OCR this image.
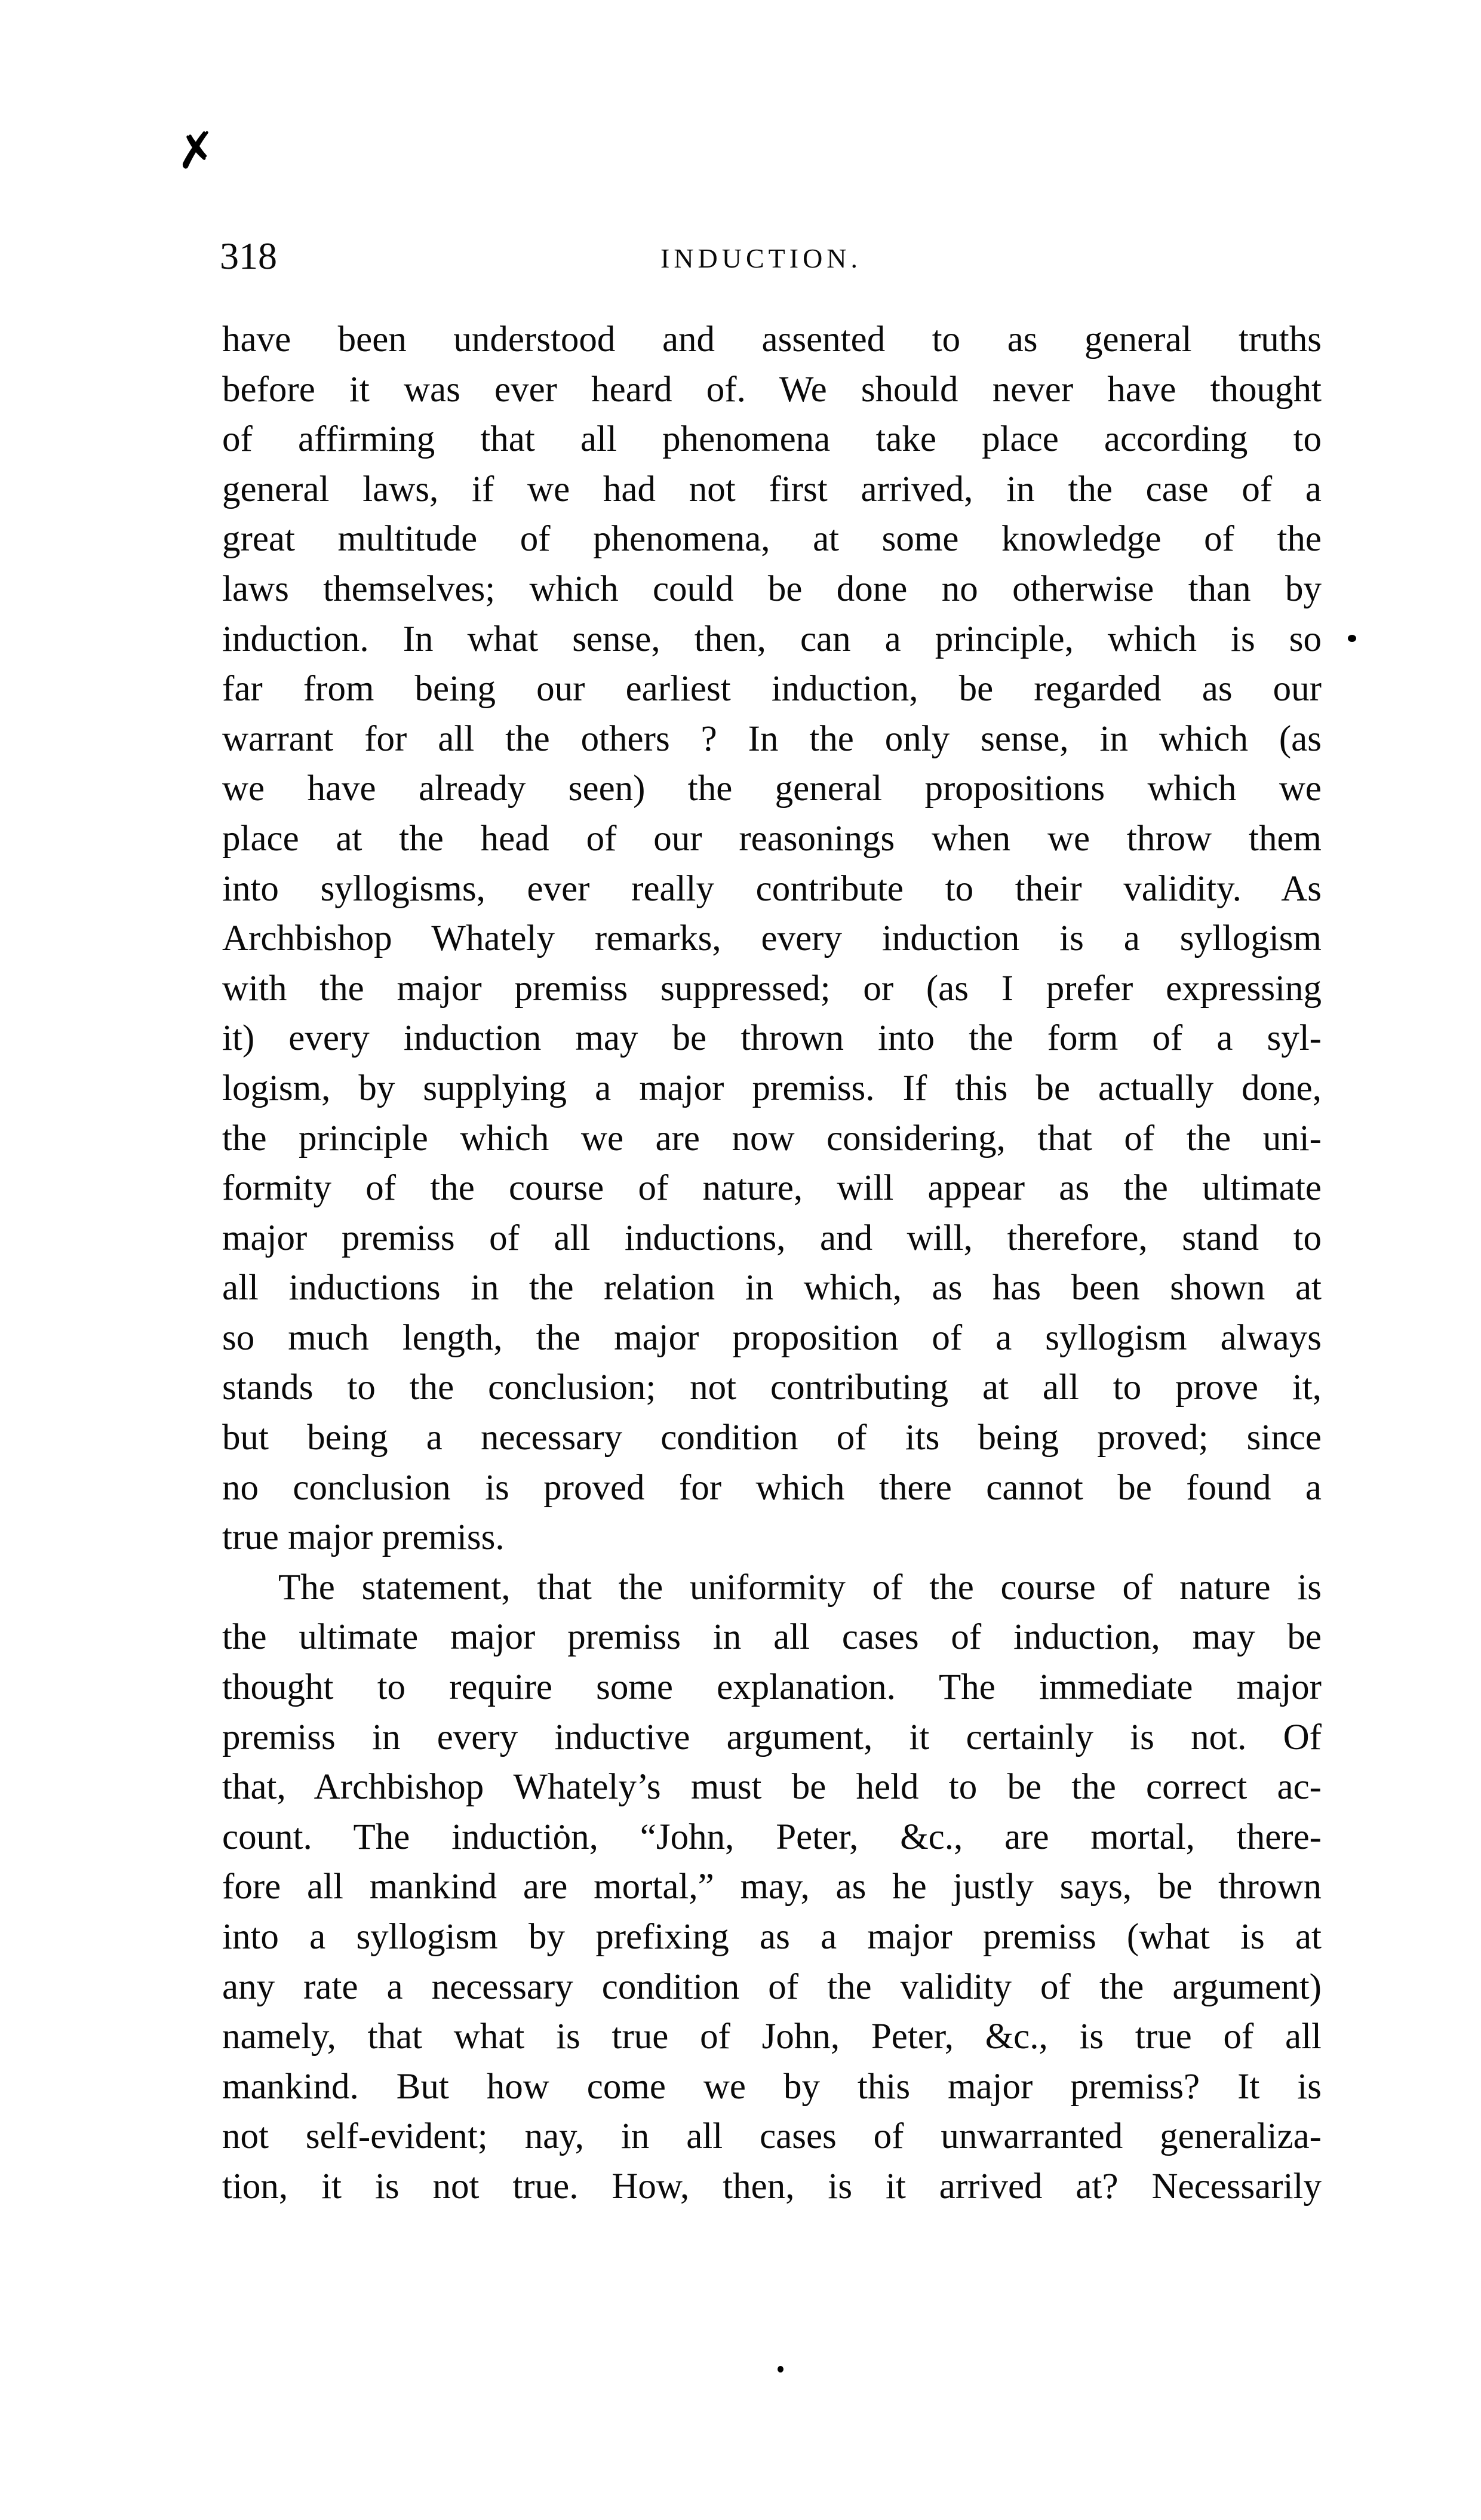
✗
318	INDUCTION.
have been understood and assented to as general truths
before it was ever heard of. We should never have thought
of affirming that all phenomena take place according to
general laws, if we had not first arrived, in the case of a
great multitude of phenomena, at some knowledge of the
laws themselves; which could be done no otherwise than by
induction. In what sense, then, can a principle, which is so
far from being our earliest induction, be regarded as our
warrant for all the others ? In the only sense, in which (as
we have already seen) the general propositions which we
place at the head of our reasonings when we throw them
into syllogisms, ever really contribute to their validity. As
Archbishop Whately remarks, every induction is a syllogism
with the major premiss suppressed; or (as I prefer expressing
it) every induction may be thrown into the form of a syl-
logism, by supplying a major premiss. If this be actually done,
the principle which we are now considering, that of the uni-
formity of the course of nature, will appear as the ultimate
major premiss of all inductions, and will, therefore, stand to
all inductions in the relation in which, as has been shown at
so much length, the major proposition of a syllogism always
stands to the conclusion; not contributing at all to prove it,
but being a necessary condition of its being proved; since
no conclusion is proved for which there cannot be found a
true major premiss.
The statement, that the uniformity of the course of nature is
the ultimate major premiss in all cases of induction, may be
thought to require some explanation. The immediate major
premiss in every inductive argument, it certainly is not. Of
that, Archbishop Whately’s must be held to be the correct ac-
count. The inductiȯn, “John, Peter, &c., are mortal, there-
fore all mankind are mortal,” may, as he justly says, be thrown
into a syllogism by prefixing as a major premiss (what is at
any rate a necessary condition of the validity of the argument)
namely, that what is true of John, Peter, &c., is true of all
mankind. But how come we by this major premiss? It is
not self-evident; nay, in all cases of unwarranted generaliza-
tion, it is not true. How, then, is it arrived at? Necessarily
